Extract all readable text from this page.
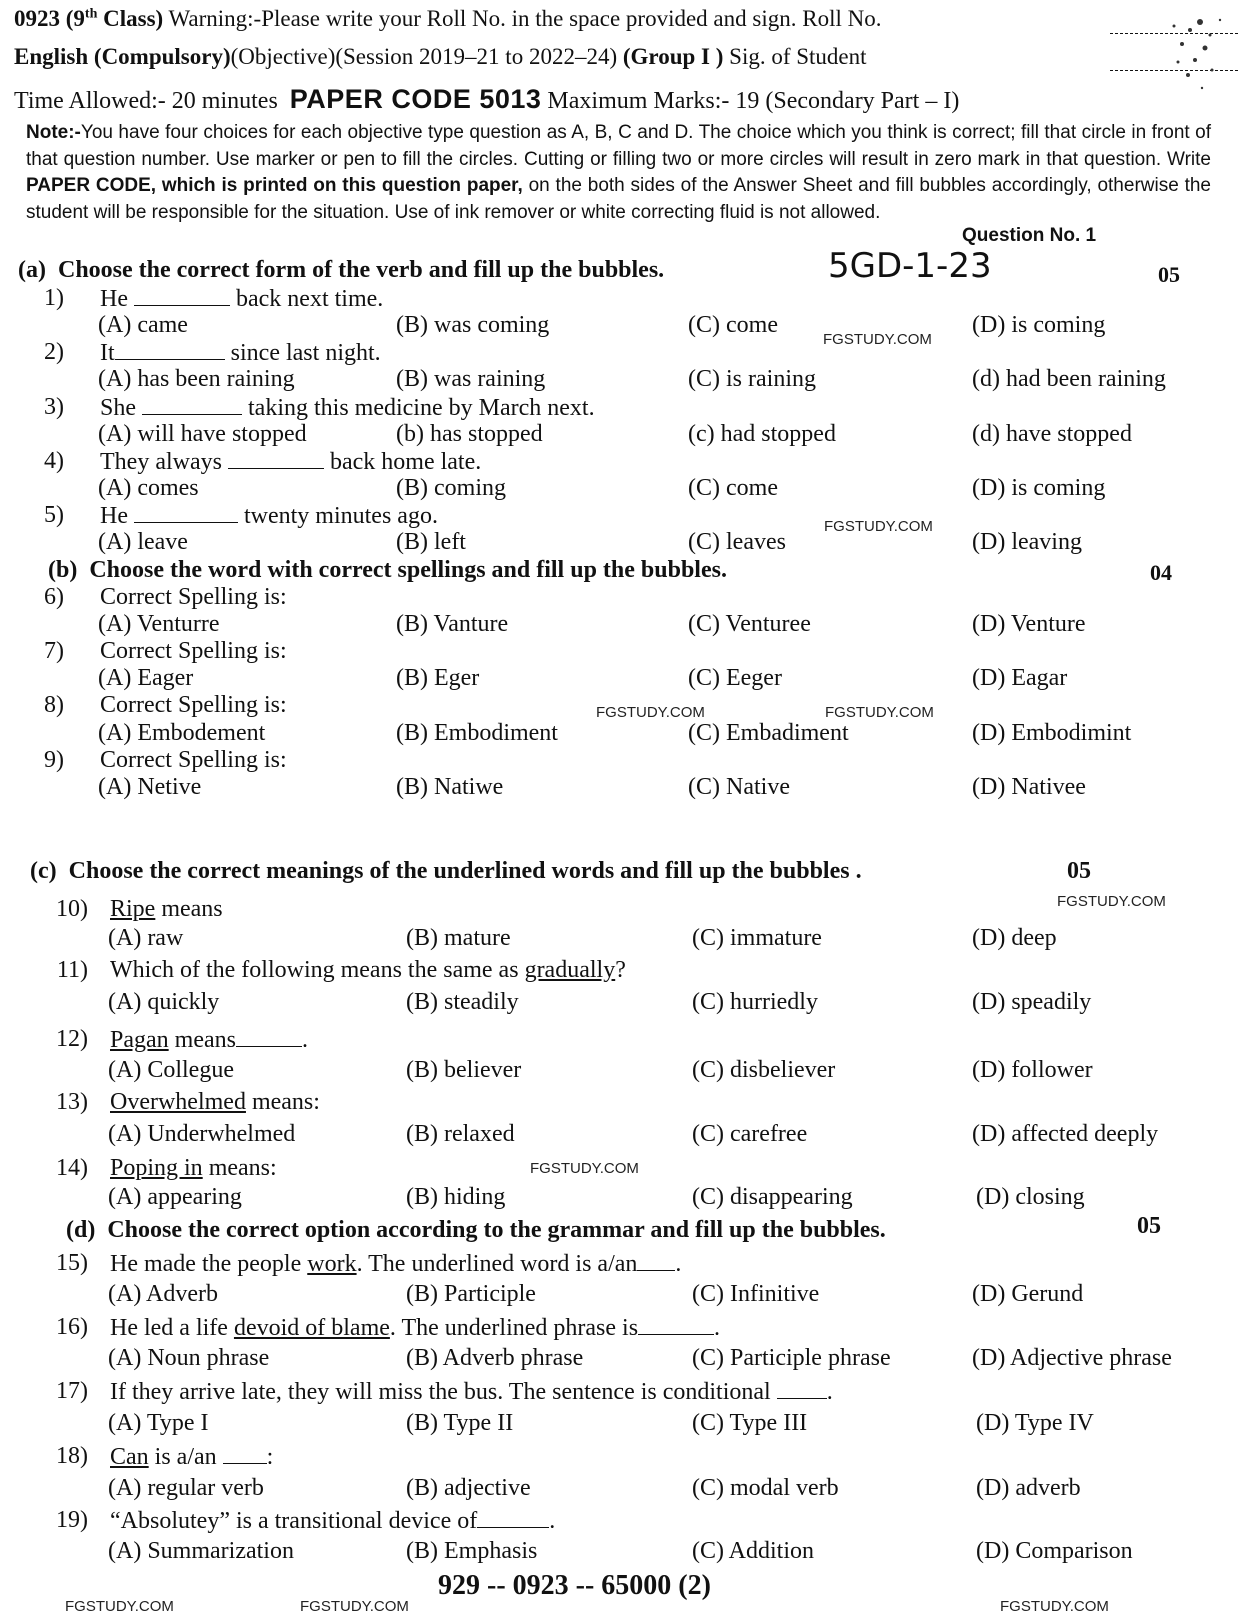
0923 (9th Class) Warning:-Please write your Roll No. in the space provided and sign. Roll No.
English (Compulsory)(Objective)(Session 2019–21 to 2022–24) (Group I ) Sig. of Student
Time Allowed:- 20 minutes PAPER CODE 5013 Maximum Marks:- 19 (Secondary Part – I)
Note:-You have four choices for each objective type question as A, B, C and D. The choice which you think is correct; fill that circle in front of that question number. Use marker or pen to fill the circles. Cutting or filling two or more circles will result in zero mark in that question. Write PAPER CODE, which is printed on this question paper, on the both sides of the Answer Sheet and fill bubbles accordingly, otherwise the student will be responsible for the situation. Use of ink remover or white correcting fluid is not allowed.
Question No. 1
5GD-1-23
(a) Choose the correct form of the verb and fill up the bubbles.	05
1) He	back next time.
(A) came	(B) was coming	(C) come	(D) is coming
2) It	since last night.
(A) has been raining	(B) was raining	(C) is raining	(d) had been raining
3) She	taking this medicine by March next.
(A) will have stopped	(b) has stopped	(c) had stopped	(d) have stopped
4) They always	back home late.
(A) comes	(B) coming	(C) come	(D) is coming
5) He	twenty minutes ago.
(A) leave	(B) left	(C) leaves	(D) leaving
(b) Choose the word with correct spellings and fill up the bubbles.	04
6) Correct Spelling is:
(A) Venturre	(B) Vanture	(C) Venturee	(D) Venture
7) Correct Spelling is:
(A) Eager	(B) Eger	(C) Eeger	(D) Eagar
8) Correct Spelling is:
(A) Embodement	(B) Embodiment	(C) Embadiment	(D) Embodimint
9) Correct Spelling is:
(A) Netive	(B) Natiwe	(C) Native	(D) Nativee
(c) Choose the correct meanings of the underlined words and fill up the bubbles .	05
10) Ripe means
(A) raw	(B) mature	(C) immature	(D) deep
11) Which of the following means the same as gradually?
(A) quickly	(B) steadily	(C) hurriedly	(D) speadily
12) Pagan means	.
(A) Collegue	(B) believer	(C) disbeliever	(D) follower
13) Overwhelmed means:
(A) Underwhelmed	(B) relaxed	(C) carefree	(D) affected deeply
14) Poping in means:
(A) appearing	(B) hiding	(C) disappearing	(D) closing
(d) Choose the correct option according to the grammar and fill up the bubbles.	05
15) He made the people work. The underlined word is a/an .
(A) Adverb	(B) Participle	(C) Infinitive	(D) Gerund
16) He led a life devoid of blame. The underlined phrase is	.
(A) Noun phrase	(B) Adverb phrase	(C) Participle phrase	(D) Adjective phrase
17) If they arrive late, they will miss the bus. The sentence is conditional .
(A) Type I	(B) Type II	(C) Type III	(D) Type IV
18) Can is a/an :
(A) regular verb	(B) adjective	(C) modal verb	(D) adverb
19) “Absolutey” is a transitional device of	.
(A) Summarization	(B) Emphasis	(C) Addition	(D) Comparison
929 -- 0923 -- 65000 (2)
FGSTUDY.COM
FGSTUDY.COM
FGSTUDY.COM
FGSTUDY.COM
FGSTUDY.COM
FGSTUDY.COM
FGSTUDY.COM	FGSTUDY.COM	FGSTUDY.COM
